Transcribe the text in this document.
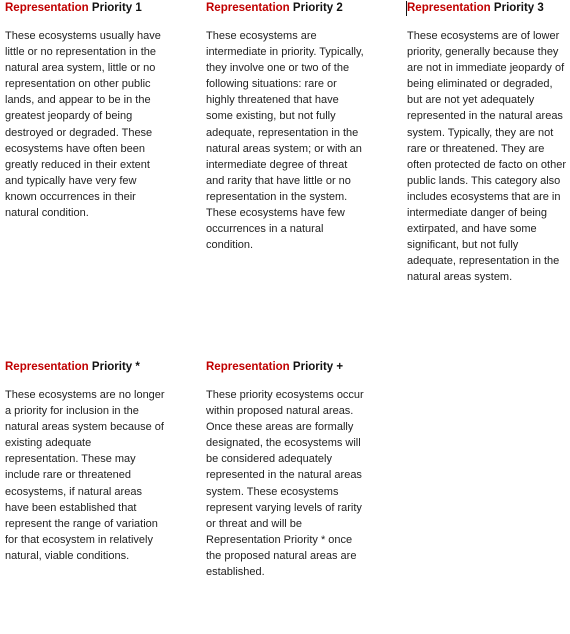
Representation Priority 1

These ecosystems usually have little or no representation in the natural area system, little or no representation on other public lands, and appear to be in the greatest jeopardy of being destroyed or degraded. These ecosystems have often been greatly reduced in their extent and typically have very few known occurrences in their natural condition.

Representation Priority 2

These ecosystems are intermediate in priority. Typically, they involve one or two of the following situations: rare or highly threatened that have some existing, but not fully adequate, representation in the natural areas system; or with an intermediate degree of threat and rarity that have little or no representation in the system. These ecosystems have few occurrences in a natural condition.

Representation Priority 3

These ecosystems are of lower priority, generally because they are not in immediate jeopardy of being eliminated or degraded, but are not yet adequately represented in the natural areas system. Typically, they are not rare or threatened. They are often protected de facto on other public lands. This category also includes ecosystems that are in intermediate danger of being extirpated, and have some significant, but not fully adequate, representation in the natural areas system.

Representation Priority *

These ecosystems are no longer a priority for inclusion in the natural areas system because of existing adequate representation. These may include rare or threatened ecosystems, if natural areas have been established that represent the range of variation for that ecosystem in relatively natural, viable conditions.

Representation Priority +

These priority ecosystems occur within proposed natural areas. Once these areas are formally designated, the ecosystems will be considered adequately represented in the natural areas system. These ecosystems represent varying levels of rarity or threat and will be Representation Priority * once the proposed natural areas are established.
